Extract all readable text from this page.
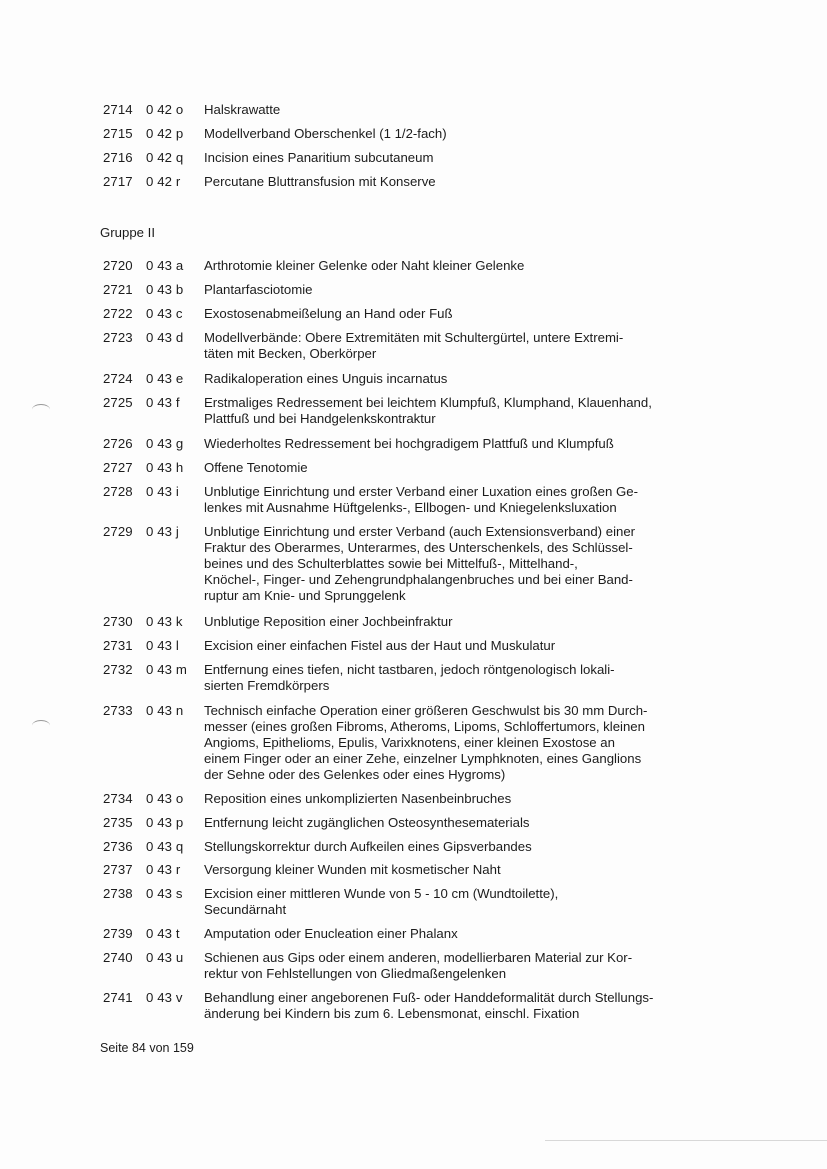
2714	0 42 o	Halskrawatte
2715	0 42 p	Modellverband Oberschenkel (1 1/2-fach)
2716	0 42 q	Incision eines Panaritium subcutaneum
2717	0 42 r	Percutane Bluttransfusion mit Konserve
2720	0 43 a	Arthrotomie kleiner Gelenke oder Naht kleiner Gelenke
2721	0 43 b	Plantarfasciotomie
2722	0 43 c	Exostosenabmeißelung an Hand oder Fuß
2723	0 43 d	Modellverbände: Obere Extremitäten mit Schultergürtel, untere Extremi-
täten mit Becken, Oberkörper
2724	0 43 e	Radikaloperation eines Unguis incarnatus
2725	0 43 f	Erstmaliges Redressement bei leichtem Klumpfuß, Klumphand, Klauenhand,
Plattfuß und bei Handgelenkskontraktur
2726	0 43 g	Wiederholtes Redressement bei hochgradigem Plattfuß und Klumpfuß
2727	0 43 h	Offene Tenotomie
2728	0 43 i	Unblutige Einrichtung und erster Verband einer Luxation eines großen Ge-
lenkes mit Ausnahme Hüftgelenks-, Ellbogen- und Kniegelenksluxation
2729	0 43 j	Unblutige Einrichtung und erster Verband (auch Extensionsverband) einer
Fraktur des Oberarmes, Unterarmes, des Unterschenkels, des Schlüssel-
beines und des Schulterblattes sowie bei Mittelfuß-, Mittelhand-,
Knöchel-, Finger- und Zehengrundphalangenbruches und bei einer Band-
ruptur am Knie- und Sprunggelenk
2730	0 43 k	Unblutige Reposition einer Jochbeinfraktur
2731	0 43 l	Excision einer einfachen Fistel aus der Haut und Muskulatur
2732	0 43 m	Entfernung eines tiefen, nicht tastbaren, jedoch röntgenologisch lokali-
sierten Fremdkörpers
2733	0 43 n	Technisch einfache Operation einer größeren Geschwulst bis 30 mm Durch-
messer (eines großen Fibroms, Atheroms, Lipoms, Schloffertumors, kleinen
Angioms, Epithelioms, Epulis, Varixknotens, einer kleinen Exostose an
einem Finger oder an einer Zehe, einzelner Lymphknoten, eines Ganglions
der Sehne oder des Gelenkes oder eines Hygroms)
2734	0 43 o	Reposition eines unkomplizierten Nasenbeinbruches
2735	0 43 p	Entfernung leicht zugänglichen Osteosynthesematerials
2736	0 43 q	Stellungskorrektur durch Aufkeilen eines Gipsverbandes
2737	0 43 r	Versorgung kleiner Wunden mit kosmetischer Naht
2738	0 43 s	Excision einer mittleren Wunde von 5 - 10 cm (Wundtoilette),
Secundärnaht
2739	0 43 t	Amputation oder Enucleation einer Phalanx
2740	0 43 u	Schienen aus Gips oder einem anderen, modellierbaren Material zur Kor-
rektur von Fehlstellungen von Gliedmaßengelenken
2741	0 43 v	Behandlung einer angeborenen Fuß- oder Handdeformalität durch Stellungs-
änderung bei Kindern bis zum 6. Lebensmonat, einschl. Fixation
Gruppe II
Seite 84 von 159
